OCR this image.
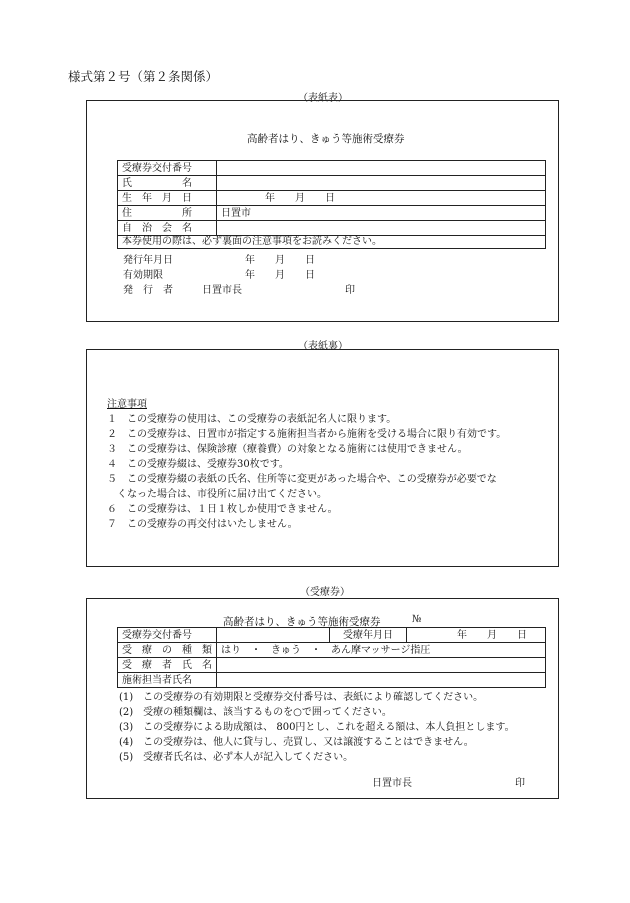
様式第２号（第２条関係）
（表紙表）
高齢者はり、きゅう等施術受療券
受療券交付番号	
氏　　　　　名	
生　年　月　日	年　　月　　日
住　　　　　所	日置市
自　治　会　名	
本券使用の際は、必ず裏面の注意事項をお読みください。
発行年月日	年　　月　　日
有効期限	年　　月　　日
発　行　者	日置市長	印
（表紙裏）
注意事項
１　この受療券の使用は、この受療券の表紙記名人に限ります。
２　この受療券は、日置市が指定する施術担当者から施術を受ける場合に限り有効です。
３　この受療券は、保険診療（療養費）の対象となる施術には使用できません。
４　この受療券綴は、受療券30枚です。
５　この受療券綴の表紙の氏名、住所等に変更があった場合や、この受療券が必要でな
　くなった場合は、市役所に届け出てください。
６　この受療券は、１日１枚しか使用できません。
７　この受療券の再交付はいたしません。
（受療券）
高齢者はり、きゅう等施術受療券	№
受療券交付番号		受療年月日	年　　月　　日
受　療　の　種　類	はり　・　きゅう　・　あん摩マッサージ指圧		
受　療　者　氏　名			
施術担当者氏名			
(1)　この受療券の有効期限と受療券交付番号は、表紙により確認してください。
(2)　受療の種類欄は、該当するものを○で囲ってください。
(3)　この受療券による助成額は、 800円とし、これを超える額は、本人負担とします。
(4)　この受療券は、他人に貸与し、売買し、又は譲渡することはできません。
(5)　受療者氏名は、必ず本人が記入してください。
日置市長	印
